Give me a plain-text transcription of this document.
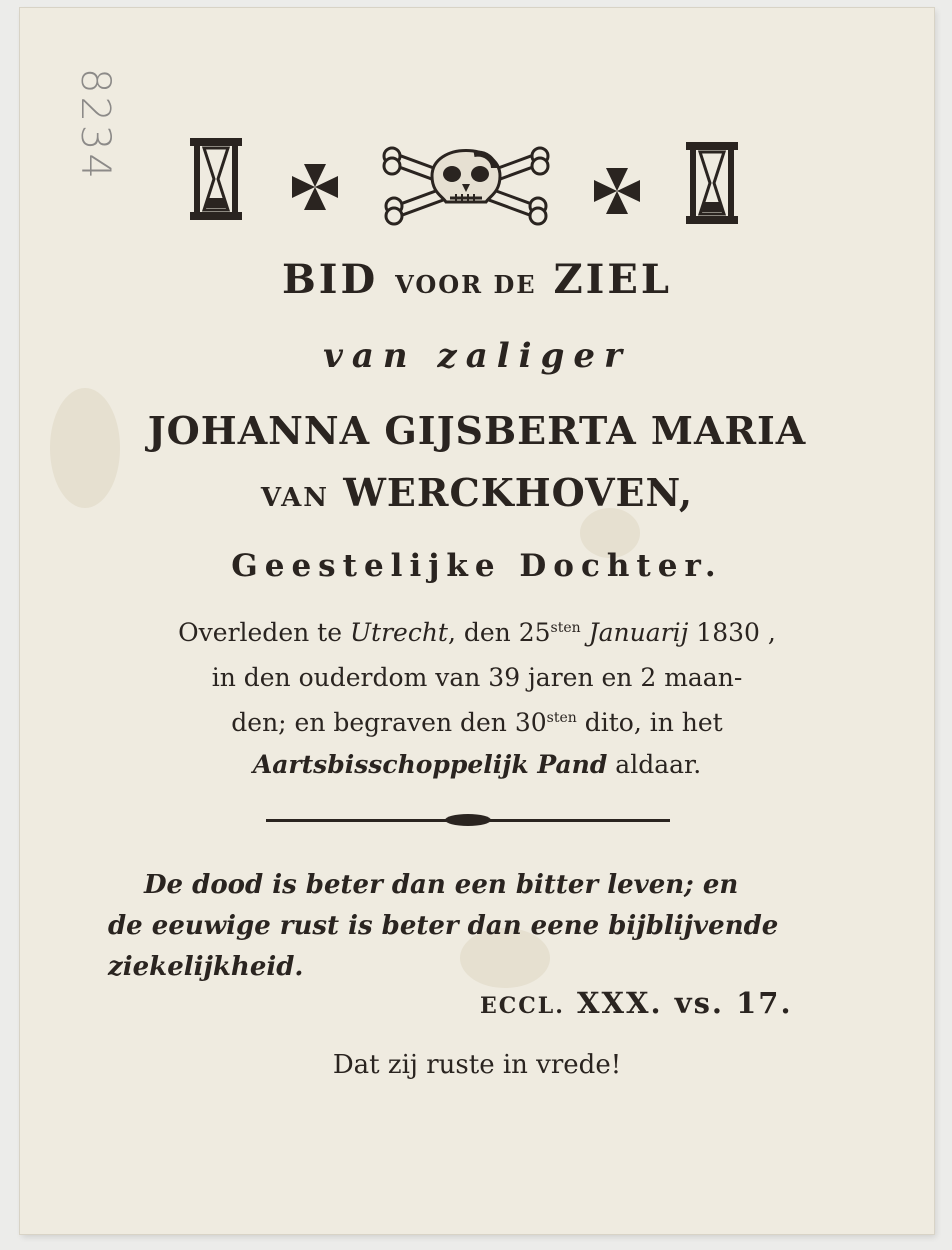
8234
BID VOOR DE ZIEL
van zaliger
JOHANNA GIJSBERTA MARIA
VAN WERCKHOVEN,
Geestelijke Dochter.
Overleden te Utrecht, den $25^{sten}$ Januarij 1830 ,
in den ouderdom van 39 jaren en 2 maan-
den; en begraven den $30^{sten}$ dito, in het
Aartsbisschoppelijk Pand aldaar.
De dood is beter dan een bitter leven; en
de eeuwige rust is beter dan eene bijblijvende
ziekelijkheid.
ECCL. XXX. vs. 17.
Dat zij ruste in vrede!
